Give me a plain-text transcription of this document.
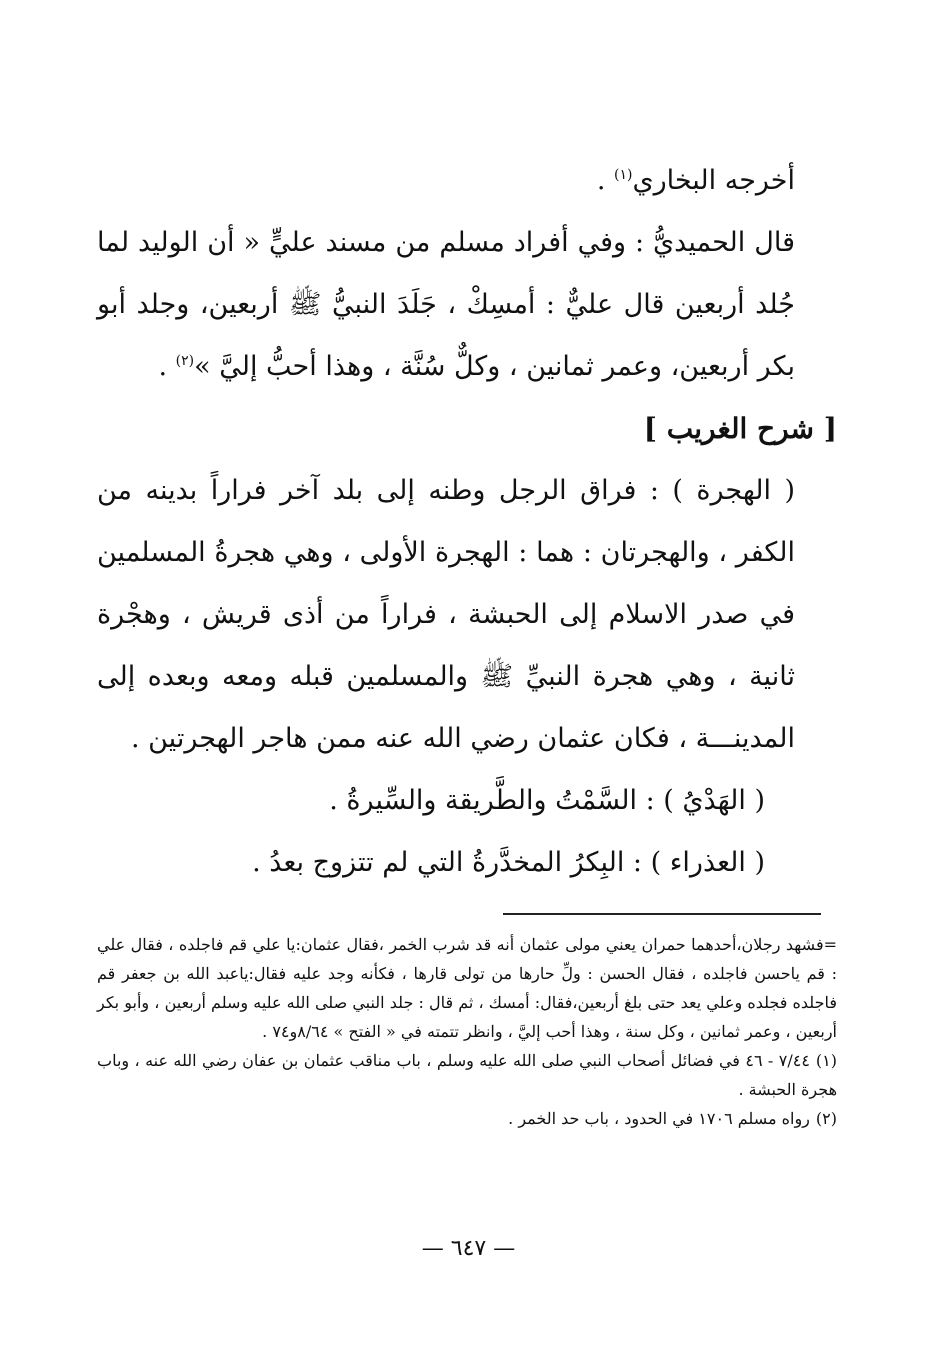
أخرجه البخاري$^{(١)}$ .

قال الحميديُّ : وفي أفراد مسلم من مسند عليٍّ « أن الوليد لما جُلد أربعين قال عليٌّ : أمسِكْ ، جَلَدَ النبيُّ ﷺ أربعين، وجلد أبو بكر أربعين، وعمر ثمانين ، وكلٌّ سُنَّة ، وهذا أحبُّ إليَّ »$^{(٢)}$ .

[ شرح الغريب ]

( الهجرة ) : فراق الرجل وطنه إلى بلد آخر فراراً بدينه من الكفر ، والهجرتان : هما : الهجرة الأولى ، وهي هجرةُ المسلمين في صدر الاسلام إلى الحبشة ، فراراً من أذى قريش ، وهجْرة ثانية ، وهي هجرة النبيِّ ﷺ والمسلمين قبله ومعه وبعده إلى المدينـــة ، فكان عثمان رضي الله عنه ممن هاجر الهجرتين .

( الهَدْيُ ) : السَّمْتُ والطَّريقة والسِّيرةُ .

( العذراء ) : البِكرُ المخدَّرةُ التي لم تتزوج بعدُ .

=فشهد رجلان،أحدهما حمران يعني مولى عثمان أنه قد شرب الخمر ،فقال عثمان:يا علي قم فاجلده ، فقال علي : قم ياحسن فاجلده ، فقال الحسن : ولِّ حارها من تولى قارها ، فكأنه وجد عليه فقال:ياعبد الله بن جعفر قم فاجلده فجلده وعلي يعد حتى بلغ أربعين،فقال: أمسك ، ثم قال : جلد النبي صلى الله عليه وسلم أربعين ، وأبو بكر أربعين ، وعمر ثمانين ، وكل سنة ، وهذا أحب إليَّ ، وانظر تتمته في « الفتح » ٨/٦٤و٧٤ .

(١)٧/٤٤ - ٤٦ في فضائل أصحاب النبي صلى الله عليه وسلم ، باب مناقب عثمان بن عفان رضي الله عنه ، وباب هجرة الحبشة .

(٢)رواه مسلم ١٧٠٦ في الحدود ، باب حد الخمر .

— ٦٤٧ —
